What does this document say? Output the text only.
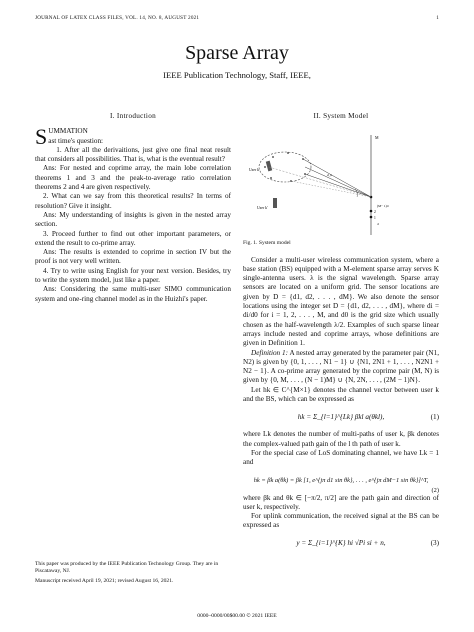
JOURNAL OF LATEX CLASS FILES, VOL. 14, NO. 8, AUGUST 2021	1
Sparse Array
IEEE Publication Technology, Staff, IEEE,
I. Introduction

S UMMATION
ast time's question:

1. After all the derivaitions, just give one final neat result that considers all possibilities. That is, what is the eventual result?

Ans: For nested and coprime array, the main lobe correlation theorems 1 and 3 and the peak-to-average ratio correlation theorems 2 and 4 are given respectively.

2. What can we say from this theoretical results? In terms of resolution? Give it insight.

Ans: My understanding of insights is given in the nested array section.

3. Proceed further to find out other important parameters, or extend the result to co-prime array.

Ans: The results is extended to coprime in section IV but the proof is not very well written.

4. Try to write using English for your next version. Besides, try to write the system model, just like a paper.

Ans: Considering the same multi-user SIMO communication system and one-ring channel model as in the Huizhi's paper.

This paper was produced by the IEEE Publication Technology Group. They are in Piscataway, NJ.
Manuscript received April 19, 2021; revised August 16, 2021.
II. System Model
User k
User k'
M
1
2
(M− 1)d
d
d_k
Fig. 1. System model

Consider a multi-user wireless communication system, where a base station (BS) equipped with a M-element sparse array serves K single-antenna users. λ is the signal wavelength. Sparse array sensors are located on a uniform grid. The sensor locations are given by D = {d1, d2, . . . , dM}. We also denote the sensor locations using the integer set D = {d1, d2, . . . , dM}, where di = di/d0 for i = 1, 2, . . . , M, and d0 is the grid size which usually chosen as the half-wavelength λ/2. Examples of such sparse linear arrays include nested and coprime arrays, whose definitions are given in Definition 1.

Definition 1: A nested array generated by the parameter pair (N1, N2) is given by {0, 1, . . . , N1 − 1} ∪ {N1, 2N1 + 1, . . . , N2N1 + N2 − 1}. A co-prime array generated by the coprime pair (M, N) is given by {0, M, . . . , (N − 1)M} ∪ {N, 2N, . . . , (2M − 1)N}.

Let hk ∈ C^{M×1} denotes the channel vector between user k and the BS, which can be expressed as

hk = Σ_{l=1}^{Lk} βkl a(θkl),	(1)

where Lk denotes the number of multi-paths of user k, βk denotes the complex-valued path gain of the l th path of user k.

For the special case of LoS dominating channel, we have Lk = 1 and

hk = βk a(θk) = βk [1, e^{jπ d1 sin θk}, . . . , e^{jπ dM−1 sin θk}]^T,
(2)

where βk and θk ∈ [−π/2, π/2] are the path gain and direction of user k, respectively.

For uplink communication, the received signal at the BS can be expressed as

y = Σ_{i=1}^{K} hi √Pi si + n,	(3)
0000–0000/00$00.00 © 2021 IEEE
